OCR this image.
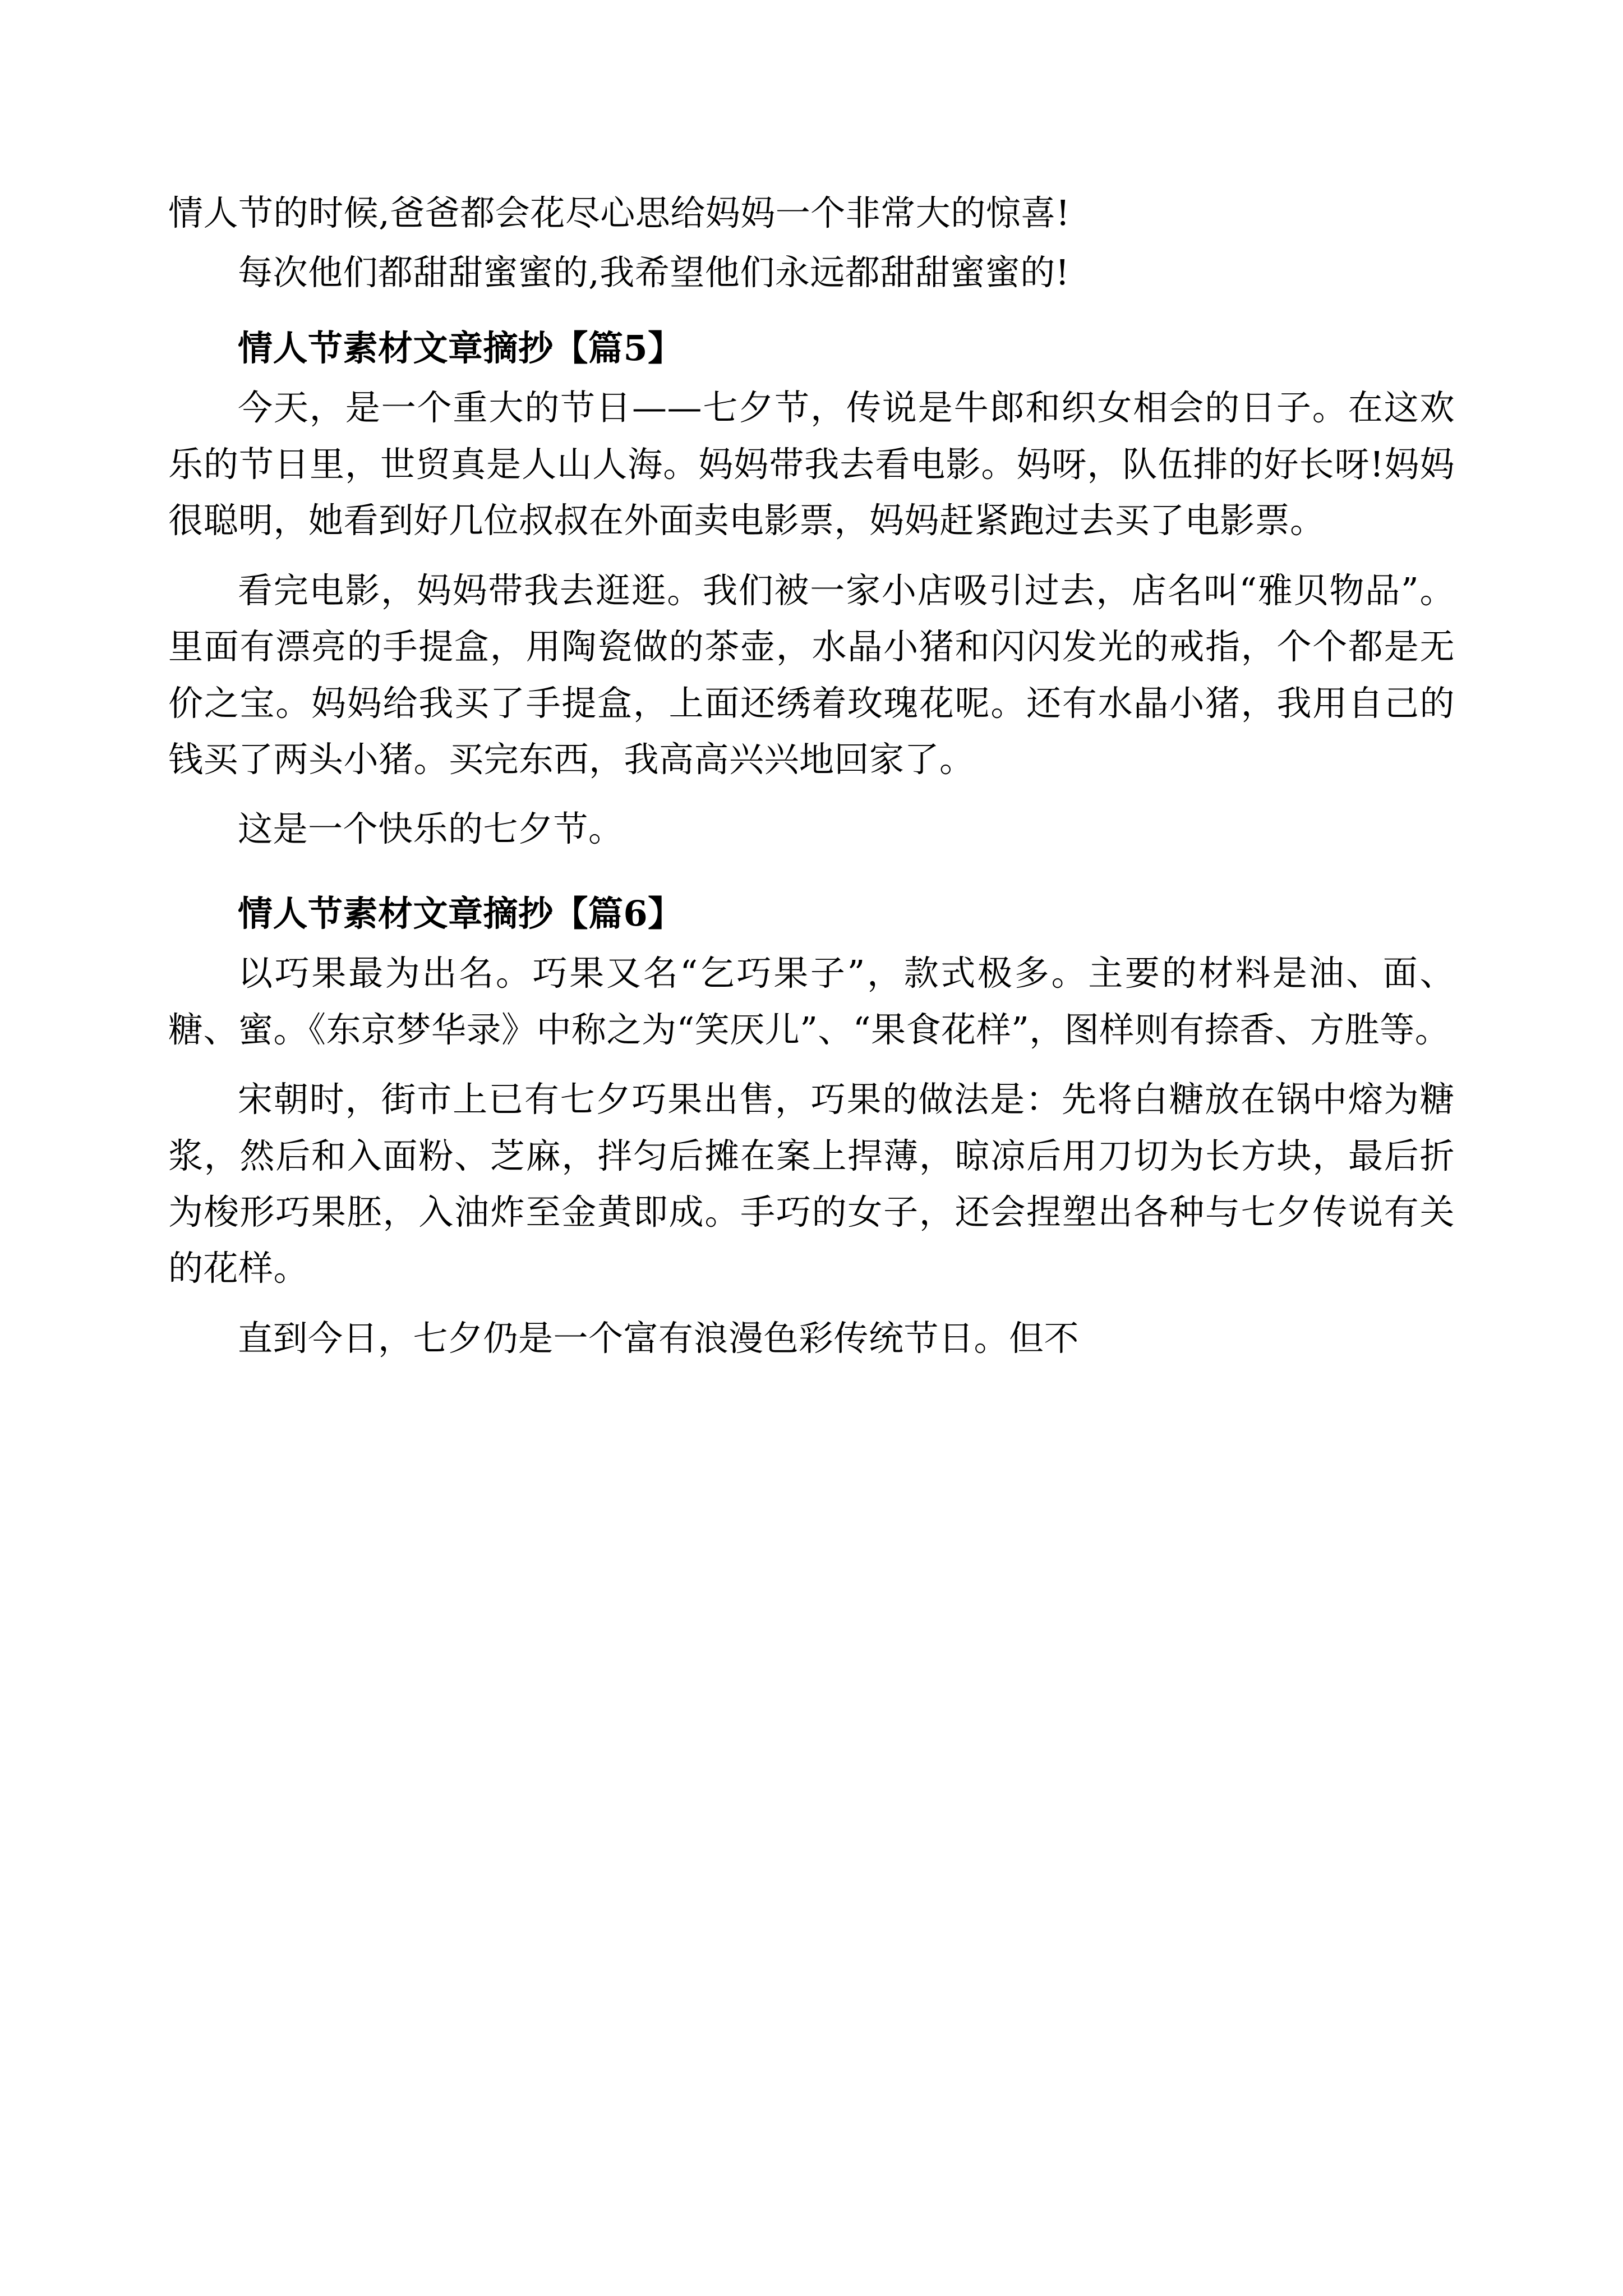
情人节的时候,爸爸都会花尽心思给妈妈一个非常大的惊喜!

每次他们都甜甜蜜蜜的,我希望他们永远都甜甜蜜蜜的!

情人节素材文章摘抄【篇5】

今天，是一个重大的节日——七夕节，传说是牛郎和织女相会的日子。在这欢乐的节日里，世贸真是人山人海。妈妈带我去看电影。妈呀，队伍排的好长呀!妈妈很聪明，她看到好几位叔叔在外面卖电影票，妈妈赶紧跑过去买了电影票。

看完电影，妈妈带我去逛逛。我们被一家小店吸引过去，店名叫“雅贝物品”。里面有漂亮的手提盒，用陶瓷做的茶壶，水晶小猪和闪闪发光的戒指，个个都是无价之宝。妈妈给我买了手提盒，上面还绣着玫瑰花呢。还有水晶小猪，我用自己的钱买了两头小猪。买完东西，我高高兴兴地回家了。

这是一个快乐的七夕节。

情人节素材文章摘抄【篇6】

以巧果最为出名。巧果又名“乞巧果子”，款式极多。主要的材料是油、面、糖、蜜。《东京梦华录》中称之为“笑厌儿”、“果食花样”，图样则有捺香、方胜等。

宋朝时，街市上已有七夕巧果出售，巧果的做法是：先将白糖放在锅中熔为糖浆，然后和入面粉、芝麻，拌匀后摊在案上捍薄，晾凉后用刀切为长方块，最后折为梭形巧果胚，入油炸至金黄即成。手巧的女子，还会捏塑出各种与七夕传说有关的花样。

直到今日，七夕仍是一个富有浪漫色彩传统节日。但不
